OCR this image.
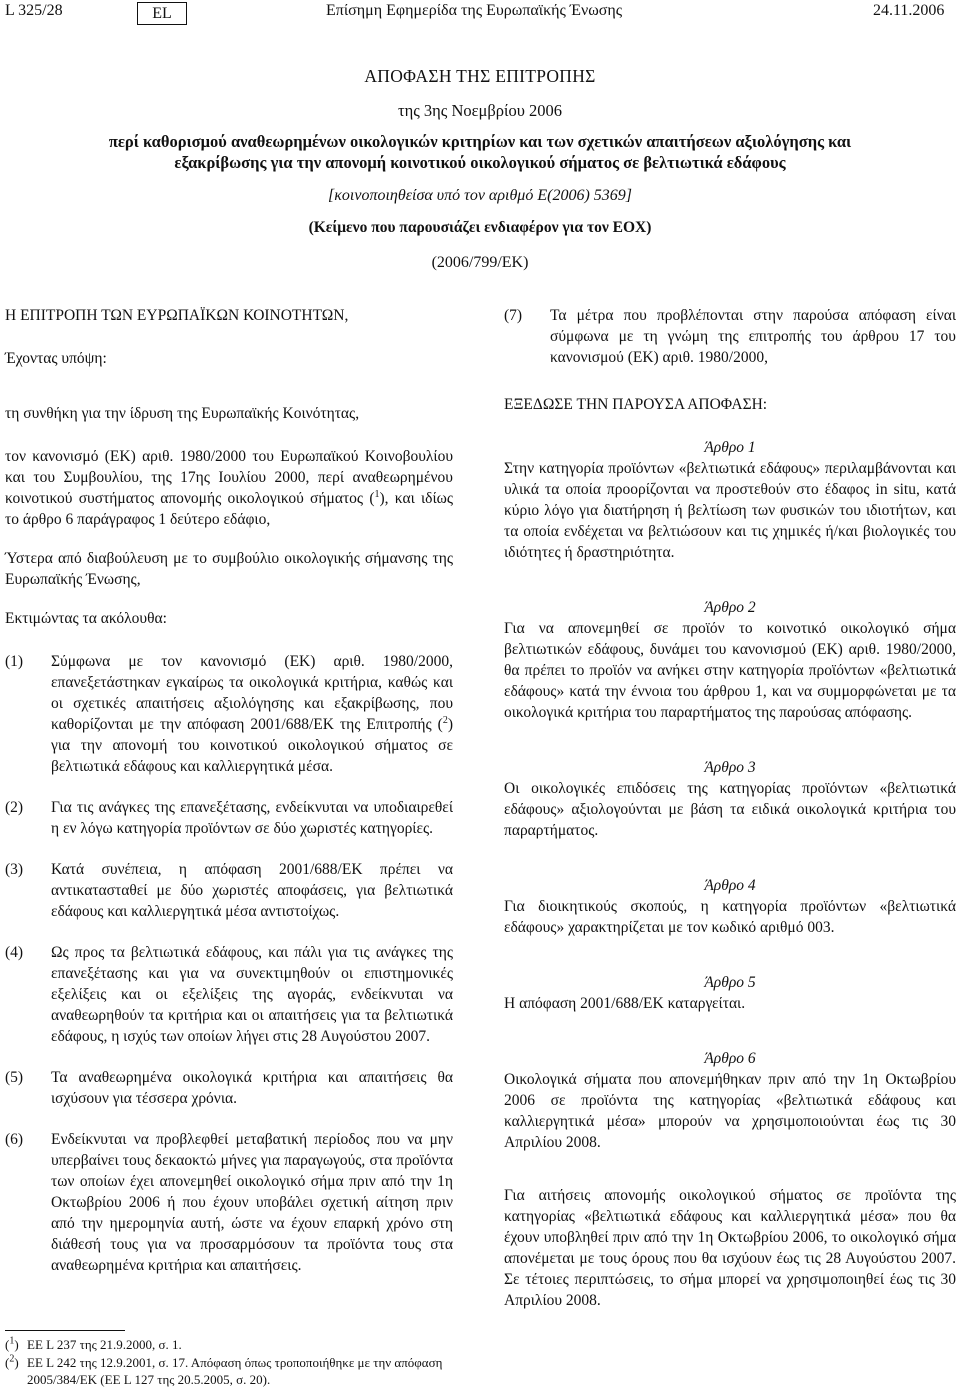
L 325/28	EL	Επίσημη Εφημερίδα της Ευρωπαϊκής Ένωσης	24.11.2006
ΑΠΟΦΑΣΗ ΤΗΣ ΕΠΙΤΡΟΠΗΣ
της 3ης Νοεμβρίου 2006
περί καθορισμού αναθεωρημένων οικολογικών κριτηρίων και των σχετικών απαιτήσεων αξιολόγησης και
εξακρίβωσης για την απονομή κοινοτικού οικολογικού σήματος σε βελτιωτικά εδάφους
[κοινοποιηθείσα υπό τον αριθμό Ε(2006) 5369]
(Κείμενο που παρουσιάζει ενδιαφέρον για τον ΕΟΧ)
(2006/799/ΕΚ)

Η ΕΠΙΤΡΟΠΗ ΤΩΝ ΕΥΡΩΠΑΪΚΩΝ ΚΟΙΝΟΤΗΤΩΝ,

Έχοντας υπόψη:

τη συνθήκη για την ίδρυση της Ευρωπαϊκής Κοινότητας,

τον κανονισμό (ΕΚ) αριθ. 1980/2000 του Ευρωπαϊκού Κοινοβουλίου και του Συμβουλίου, της 17ης Ιουλίου 2000, περί αναθεωρημένου κοινοτικού συστήματος απονομής οικολογικού σήματος ($^1$), και ιδίως το άρθρο 6 παράγραφος 1 δεύτερο εδάφιο,

Ύστερα από διαβούλευση με το συμβούλιο οικολογικής σήμανσης της Ευρωπαϊκής Ένωσης,

Εκτιμώντας τα ακόλουθα:

(1)	Σύμφωνα με τον κανονισμό (ΕΚ) αριθ. 1980/2000, επανεξετάστηκαν εγκαίρως τα οικολογικά κριτήρια, καθώς και οι σχετικές απαιτήσεις αξιολόγησης και εξακρίβωσης, που καθορίζονται με την απόφαση 2001/688/ΕΚ της Επιτροπής ($^2$) για την απονομή του κοινοτικού οικολογικού σήματος σε βελτιωτικά εδάφους και καλλιεργητικά μέσα.
(2)	Για τις ανάγκες της επανεξέτασης, ενδείκνυται να υποδιαιρεθεί η εν λόγω κατηγορία προϊόντων σε δύο χωριστές κατηγορίες.
(3)	Κατά συνέπεια, η απόφαση 2001/688/ΕΚ πρέπει να αντικατασταθεί με δύο χωριστές αποφάσεις, για βελτιωτικά εδάφους και καλλιεργητικά μέσα αντιστοίχως.
(4)	Ως προς τα βελτιωτικά εδάφους, και πάλι για τις ανάγκες της επανεξέτασης και για να συνεκτιμηθούν οι επιστημονικές εξελίξεις και οι εξελίξεις της αγοράς, ενδείκνυται να αναθεωρηθούν τα κριτήρια και οι απαιτήσεις για τα βελτιωτικά εδάφους, η ισχύς των οποίων λήγει στις 28 Αυγούστου 2007.
(5)	Τα αναθεωρημένα οικολογικά κριτήρια και απαιτήσεις θα ισχύσουν για τέσσερα χρόνια.
(6)	Ενδείκνυται να προβλεφθεί μεταβατική περίοδος που να μην υπερβαίνει τους δεκαοκτώ μήνες για παραγωγούς, στα προϊόντα των οποίων έχει απονεμηθεί οικολογικό σήμα πριν από την 1η Οκτωβρίου 2006 ή που έχουν υποβάλει σχετική αίτηση πριν από την ημερομηνία αυτή, ώστε να έχουν επαρκή χρόνο στη διάθεσή τους για να προσαρμόσουν τα προϊόντα τους στα αναθεωρημένα κριτήρια και απαιτήσεις.
(7)	Τα μέτρα που προβλέπονται στην παρούσα απόφαση είναι σύμφωνα με τη γνώμη της επιτροπής του άρθρου 17 του κανονισμού (ΕΚ) αριθ. 1980/2000,

ΕΞΕΔΩΣΕ ΤΗΝ ΠΑΡΟΥΣΑ ΑΠΟΦΑΣΗ:

Άρθρο 1

Στην κατηγορία προϊόντων «βελτιωτικά εδάφους» περιλαμβάνονται και υλικά τα οποία προορίζονται να προστεθούν στο έδαφος in situ, κατά κύριο λόγο για διατήρηση ή βελτίωση των φυσικών του ιδιοτήτων, και τα οποία ενδέχεται να βελτιώσουν και τις χημικές ή/και βιολογικές του ιδιότητες ή δραστηριότητα.

Άρθρο 2

Για να απονεμηθεί σε προϊόν το κοινοτικό οικολογικό σήμα βελτιωτικών εδάφους, δυνάμει του κανονισμού (ΕΚ) αριθ. 1980/2000, θα πρέπει το προϊόν να ανήκει στην κατηγορία προϊόντων «βελτιωτικά εδάφους» κατά την έννοια του άρθρου 1, και να συμμορφώνεται με τα οικολογικά κριτήρια του παραρτήματος της παρούσας απόφασης.

Άρθρο 3

Οι οικολογικές επιδόσεις της κατηγορίας προϊόντων «βελτιωτικά εδάφους» αξιολογούνται με βάση τα ειδικά οικολογικά κριτήρια του παραρτήματος.

Άρθρο 4

Για διοικητικούς σκοπούς, η κατηγορία προϊόντων «βελτιωτικά εδάφους» χαρακτηρίζεται με τον κωδικό αριθμό 003.

Άρθρο 5

Η απόφαση 2001/688/ΕΚ καταργείται.

Άρθρο 6

Οικολογικά σήματα που απονεμήθηκαν πριν από την 1η Οκτωβρίου 2006 σε προϊόντα της κατηγορίας «βελτιωτικά εδάφους και καλλιεργητικά μέσα» μπορούν να χρησιμοποιούνται έως τις 30 Απριλίου 2008.

Για αιτήσεις απονομής οικολογικού σήματος σε προϊόντα της κατηγορίας «βελτιωτικά εδάφους και καλλιεργητικά μέσα» που θα έχουν υποβληθεί πριν από την 1η Οκτωβρίου 2006, το οικολογικό σήμα απονέμεται με τους όρους που θα ισχύουν έως τις 28 Αυγούστου 2007. Σε τέτοιες περιπτώσεις, το σήμα μπορεί να χρησιμοποιηθεί έως τις 30 Απριλίου 2008.

($^1$) ΕΕ L 237 της 21.9.2000, σ. 1.
($^2$) ΕΕ L 242 της 12.9.2001, σ. 17. Απόφαση όπως τροποποιήθηκε με την απόφαση 2005/384/ΕΚ (ΕΕ L 127 της 20.5.2005, σ. 20).
